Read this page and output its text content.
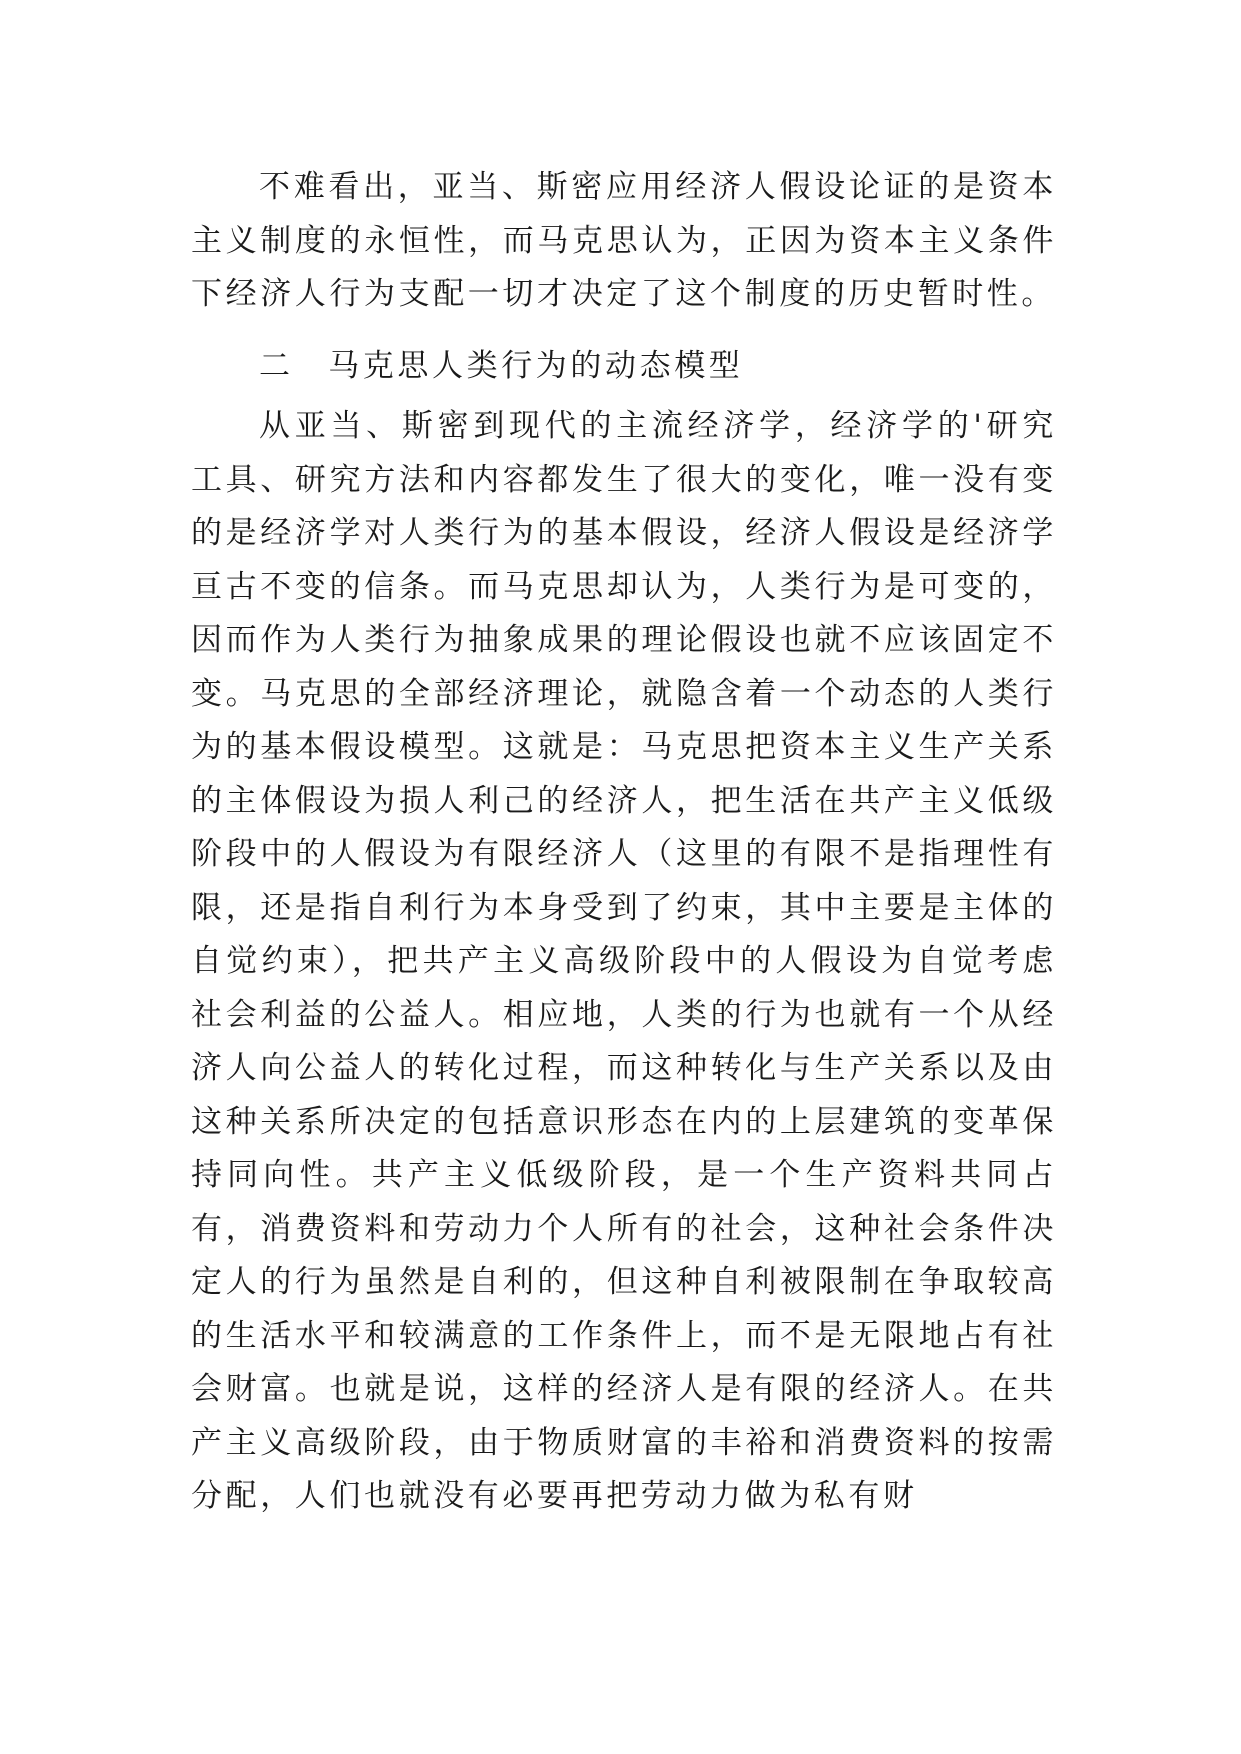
不难看出，亚当、斯密应用经济人假设论证的是资本主义制度的永恒性，而马克思认为，正因为资本主义条件下经济人行为支配一切才决定了这个制度的历史暂时性。

二　马克思人类行为的动态模型

从亚当、斯密到现代的主流经济学，经济学的'研究工具、研究方法和内容都发生了很大的变化，唯一没有变的是经济学对人类行为的基本假设，经济人假设是经济学亘古不变的信条。而马克思却认为，人类行为是可变的，因而作为人类行为抽象成果的理论假设也就不应该固定不变。马克思的全部经济理论，就隐含着一个动态的人类行为的基本假设模型。这就是：马克思把资本主义生产关系的主体假设为损人利己的经济人，把生活在共产主义低级阶段中的人假设为有限经济人（这里的有限不是指理性有限，还是指自利行为本身受到了约束，其中主要是主体的自觉约束），把共产主义高级阶段中的人假设为自觉考虑社会利益的公益人。相应地，人类的行为也就有一个从经济人向公益人的转化过程，而这种转化与生产关系以及由这种关系所决定的包括意识形态在内的上层建筑的变革保持同向性。共产主义低级阶段，是一个生产资料共同占有，消费资料和劳动力个人所有的社会，这种社会条件决定人的行为虽然是自利的，但这种自利被限制在争取较高的生活水平和较满意的工作条件上，而不是无限地占有社会财富。也就是说，这样的经济人是有限的经济人。在共产主义高级阶段，由于物质财富的丰裕和消费资料的按需分配，人们也就没有必要再把劳动力做为私有财
